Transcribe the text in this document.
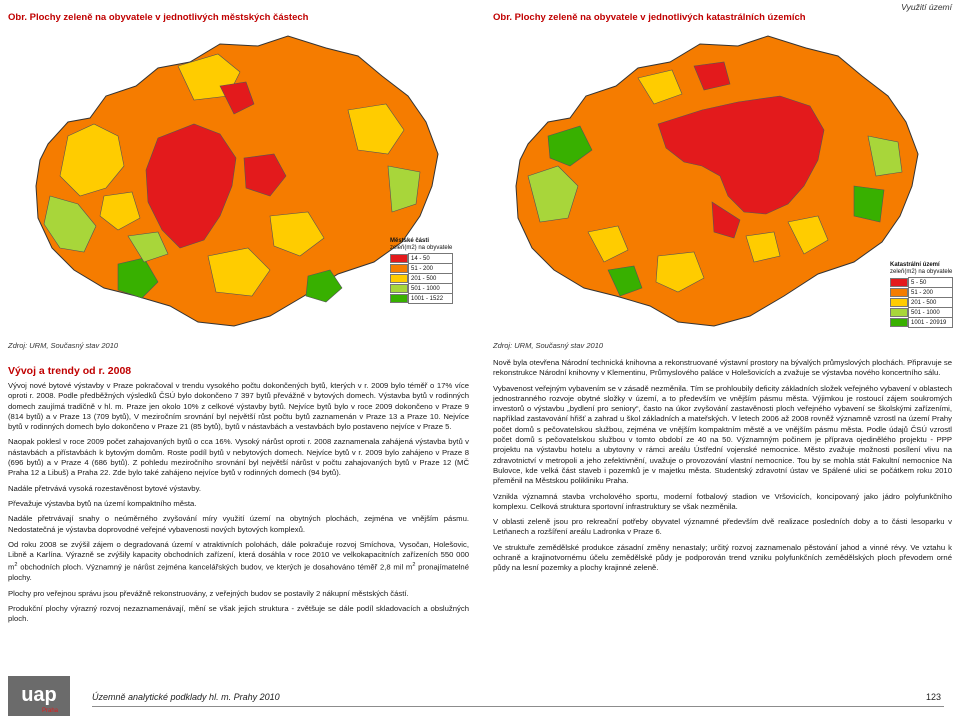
Obr. Plochy zeleně na obyvatele v jednotlivých městských částech	Obr. Plochy zeleně na obyvatele v jednotlivých katastrálních územích
Využití území
Městské části
zeleň(m2) na obyvatele
	14 - 50

	51 - 200

	201 - 500

	501 - 1000

	1001 - 1522
Katastrální území
zeleň(m2) na obyvatele
	5 - 50

	51 - 200

	201 - 500

	501 - 1000

	1001 - 20919
Zdroj: URM, Současný stav 2010	Zdroj: URM, Současný stav 2010
Vývoj a trendy od r. 2008

Vývoj nové bytové výstavby v Praze pokračoval v trendu vysokého počtu dokončených bytů, kterých v r. 2009 bylo téměř o 17% více oproti r. 2008. Podle předběžných výsledků ČSÚ bylo dokončeno 7 397 bytů převážně v bytových domech. Výstavba bytů v rodinných domech zaujímá tradičně v hl. m. Praze jen okolo 10% z celkové výstavby bytů. Nejvíce bytů bylo v roce 2009 dokončeno v Praze 9 (814 bytů) a v Praze 13 (709 bytů), V meziročním srovnání byl největší růst počtu bytů zaznamenán v Praze 13 a Praze 10. Nejvíce bytů v rodinných domech bylo dokončeno v Praze 21 (85 bytů), bytů v nástavbách a vestavbách bylo postaveno nejvíce v Praze 5.

Naopak poklesl v roce 2009 počet zahajovaných bytů o cca 16%. Vysoký nárůst oproti r. 2008 zaznamenala zahájená výstavba bytů v nástavbách a přístavbách k bytovým domům. Roste podíl bytů v nebytových domech. Nejvíce bytů v r. 2009 bylo zahájeno v Praze 8 (696 bytů) a v Praze 4 (686 bytů). Z pohledu meziročního srovnání byl největší nárůst v počtu zahajovaných bytů v Praze 12 (MČ Praha 12 a Libuš) a Praha 22. Zde bylo také zahájeno nejvíce bytů v rodinných domech (94 bytů).

Nadále přetrvává vysoká rozestavěnost bytové výstavby.

Převažuje výstavba bytů na území kompaktního města.

Nadále přetrvávají snahy o neúměrného zvyšování míry využití území na obytných plochách, zejména ve vnějším pásmu. Nedostatečná je výstavba doprovodné veřejné vybavenosti nových bytových komplexů.

Od roku 2008 se zvýšil zájem o degradovaná území v atraktivních polohách, dále pokračuje rozvoj Smíchova, Vysočan, Holešovic, Libně a Karlína. Výrazně se zvýšily kapacity obchodních zařízení, která dosáhla v roce 2010 ve velkokapacitních zařízeních 550 000 $m^2$ obchodních ploch. Významný je nárůst zejména kancelářských budov, ve kterých je dosahováno téměř 2,8 mil $m^2$ pronajímatelné plochy.

Plochy pro veřejnou správu jsou převážně rekonstruovány, z veřejných budov se postavily 2 nákupní městských částí.

Produkční plochy výrazný rozvoj nezaznamenávají, mění se však jejich struktura - zvětšuje se dále podíl skladovacích a obslužných ploch.

Nově byla otevřena Národní technická knihovna a rekonstruované výstavní prostory na bývalých průmyslových plochách. Připravuje se rekonstrukce Národní knihovny v Klementinu, Průmyslového paláce v Holešovicích a zvažuje se výstavba nového koncertního sálu.

Vybavenost veřejným vybavením se v zásadě nezměnila. Tím se prohloubily deficity základních složek veřejného vybavení v oblastech jednostranného rozvoje obytné složky v území, a to především ve vnějším pásmu města. Výjimkou je rostoucí zájem soukromých investorů o výstavbu „bydlení pro seniory“, často na úkor zvyšování zastavěnosti ploch veřejného vybavení se školskými zařízeními, například zastavování hřišť a zahrad u škol základních a mateřských. V letech 2006 až 2008 rovněž významně vzrostl na území Prahy počet domů s pečovatelskou službou, zejména ve vnějším kompaktním městě a ve vnějším pásmu města. Podle údajů ČSÚ vzrostl počet domů s pečovatelskou službou v tomto období ze 40 na 50. Významným počinem je příprava ojedinělého projektu - PPP projektu na výstavbu hotelu a ubytovny v rámci areálu Ústřední vojenské nemocnice. Město zvažuje možnosti posílení vlivu na zdravotnictví v metropoli a jeho zefektivnění, uvažuje o provozování vlastní nemocnice. Tou by se mohla stát Fakultní nemocnice Na Bulovce, kde velká část staveb i pozemků je v majetku města. Studentský zdravotní ústav ve Spálené ulici se počátkem roku 2010 přeměnil na Městskou polikliniku Praha.

Vznikla významná stavba vrcholového sportu, moderní fotbalový stadion ve Vršovicích, koncipovaný jako jádro polyfunkčního komplexu. Celková struktura sportovní infrastruktury se však nezměnila.

V oblasti zeleně jsou pro rekreační potřeby obyvatel významné především dvě realizace posledních doby a to části lesoparku v Letňanech a rozšíření areálu Ladronka v Praze 6.

Ve struktuře zemědělské produkce zásadní změny nenastaly; určitý rozvoj zaznamenalo pěstování jahod a vinné révy. Ve vztahu k ochraně a krajinotvornému účelu zemědělské půdy je podporován trend vzniku polyfunkčních zemědělských ploch převodem orné půdy na lesní pozemky a plochy krajinné zeleně.

uap
Praha
Územně analytické podklady hl. m. Prahy 2010	123
